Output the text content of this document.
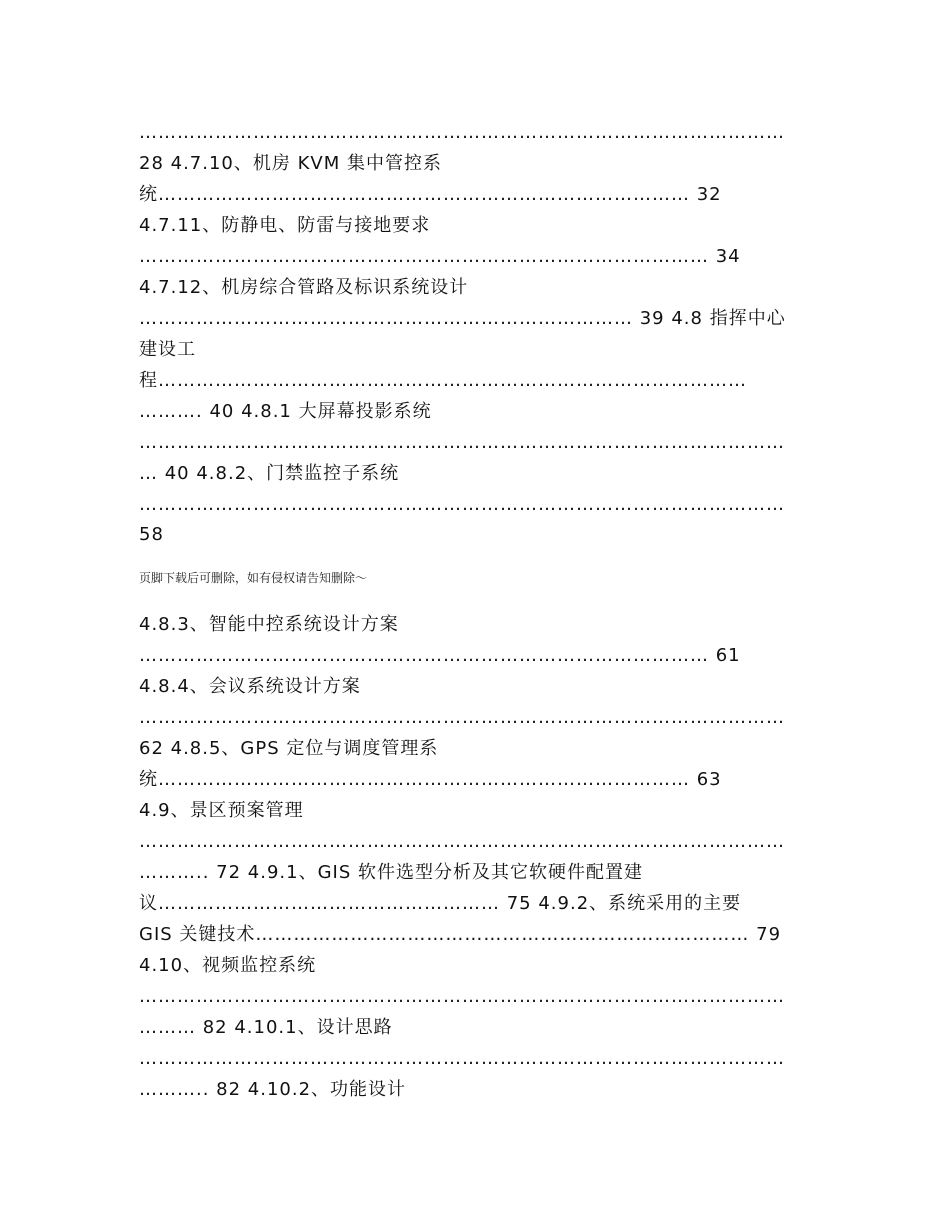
…………………………………………………………………………………………
28 4.7.10、机房 KVM 集中管控系
统………………………………………………………………………… 32
4.7.11、防静电、防雷与接地要求
……………………………………………………………………………… 34
4.7.12、机房综合管路及标识系统设计
…………………………………………………………………… 39 4.8 指挥中心
建设工
程…………………………………………………………………………………
………. 40 4.8.1 大屏幕投影系统
…………………………………………………………………………………………
… 40 4.8.2、门禁监控子系统
…………………………………………………………………………………………
58
页脚下载后可删除，如有侵权请告知删除～
4.8.3、智能中控系统设计方案
……………………………………………………………………………… 61
4.8.4、会议系统设计方案
…………………………………………………………………………………………
62 4.8.5、GPS 定位与调度管理系
统………………………………………………………………………… 63
4.9、景区预案管理
…………………………………………………………………………………………
……….. 72 4.9.1、GIS 软件选型分析及其它软硬件配置建
议……………………………………………… 75 4.9.2、系统采用的主要
GIS 关键技术…………………………………………………………………… 79
4.10、视频监控系统
…………………………………………………………………………………………
……… 82 4.10.1、设计思路
…………………………………………………………………………………………
……….. 82 4.10.2、功能设计
